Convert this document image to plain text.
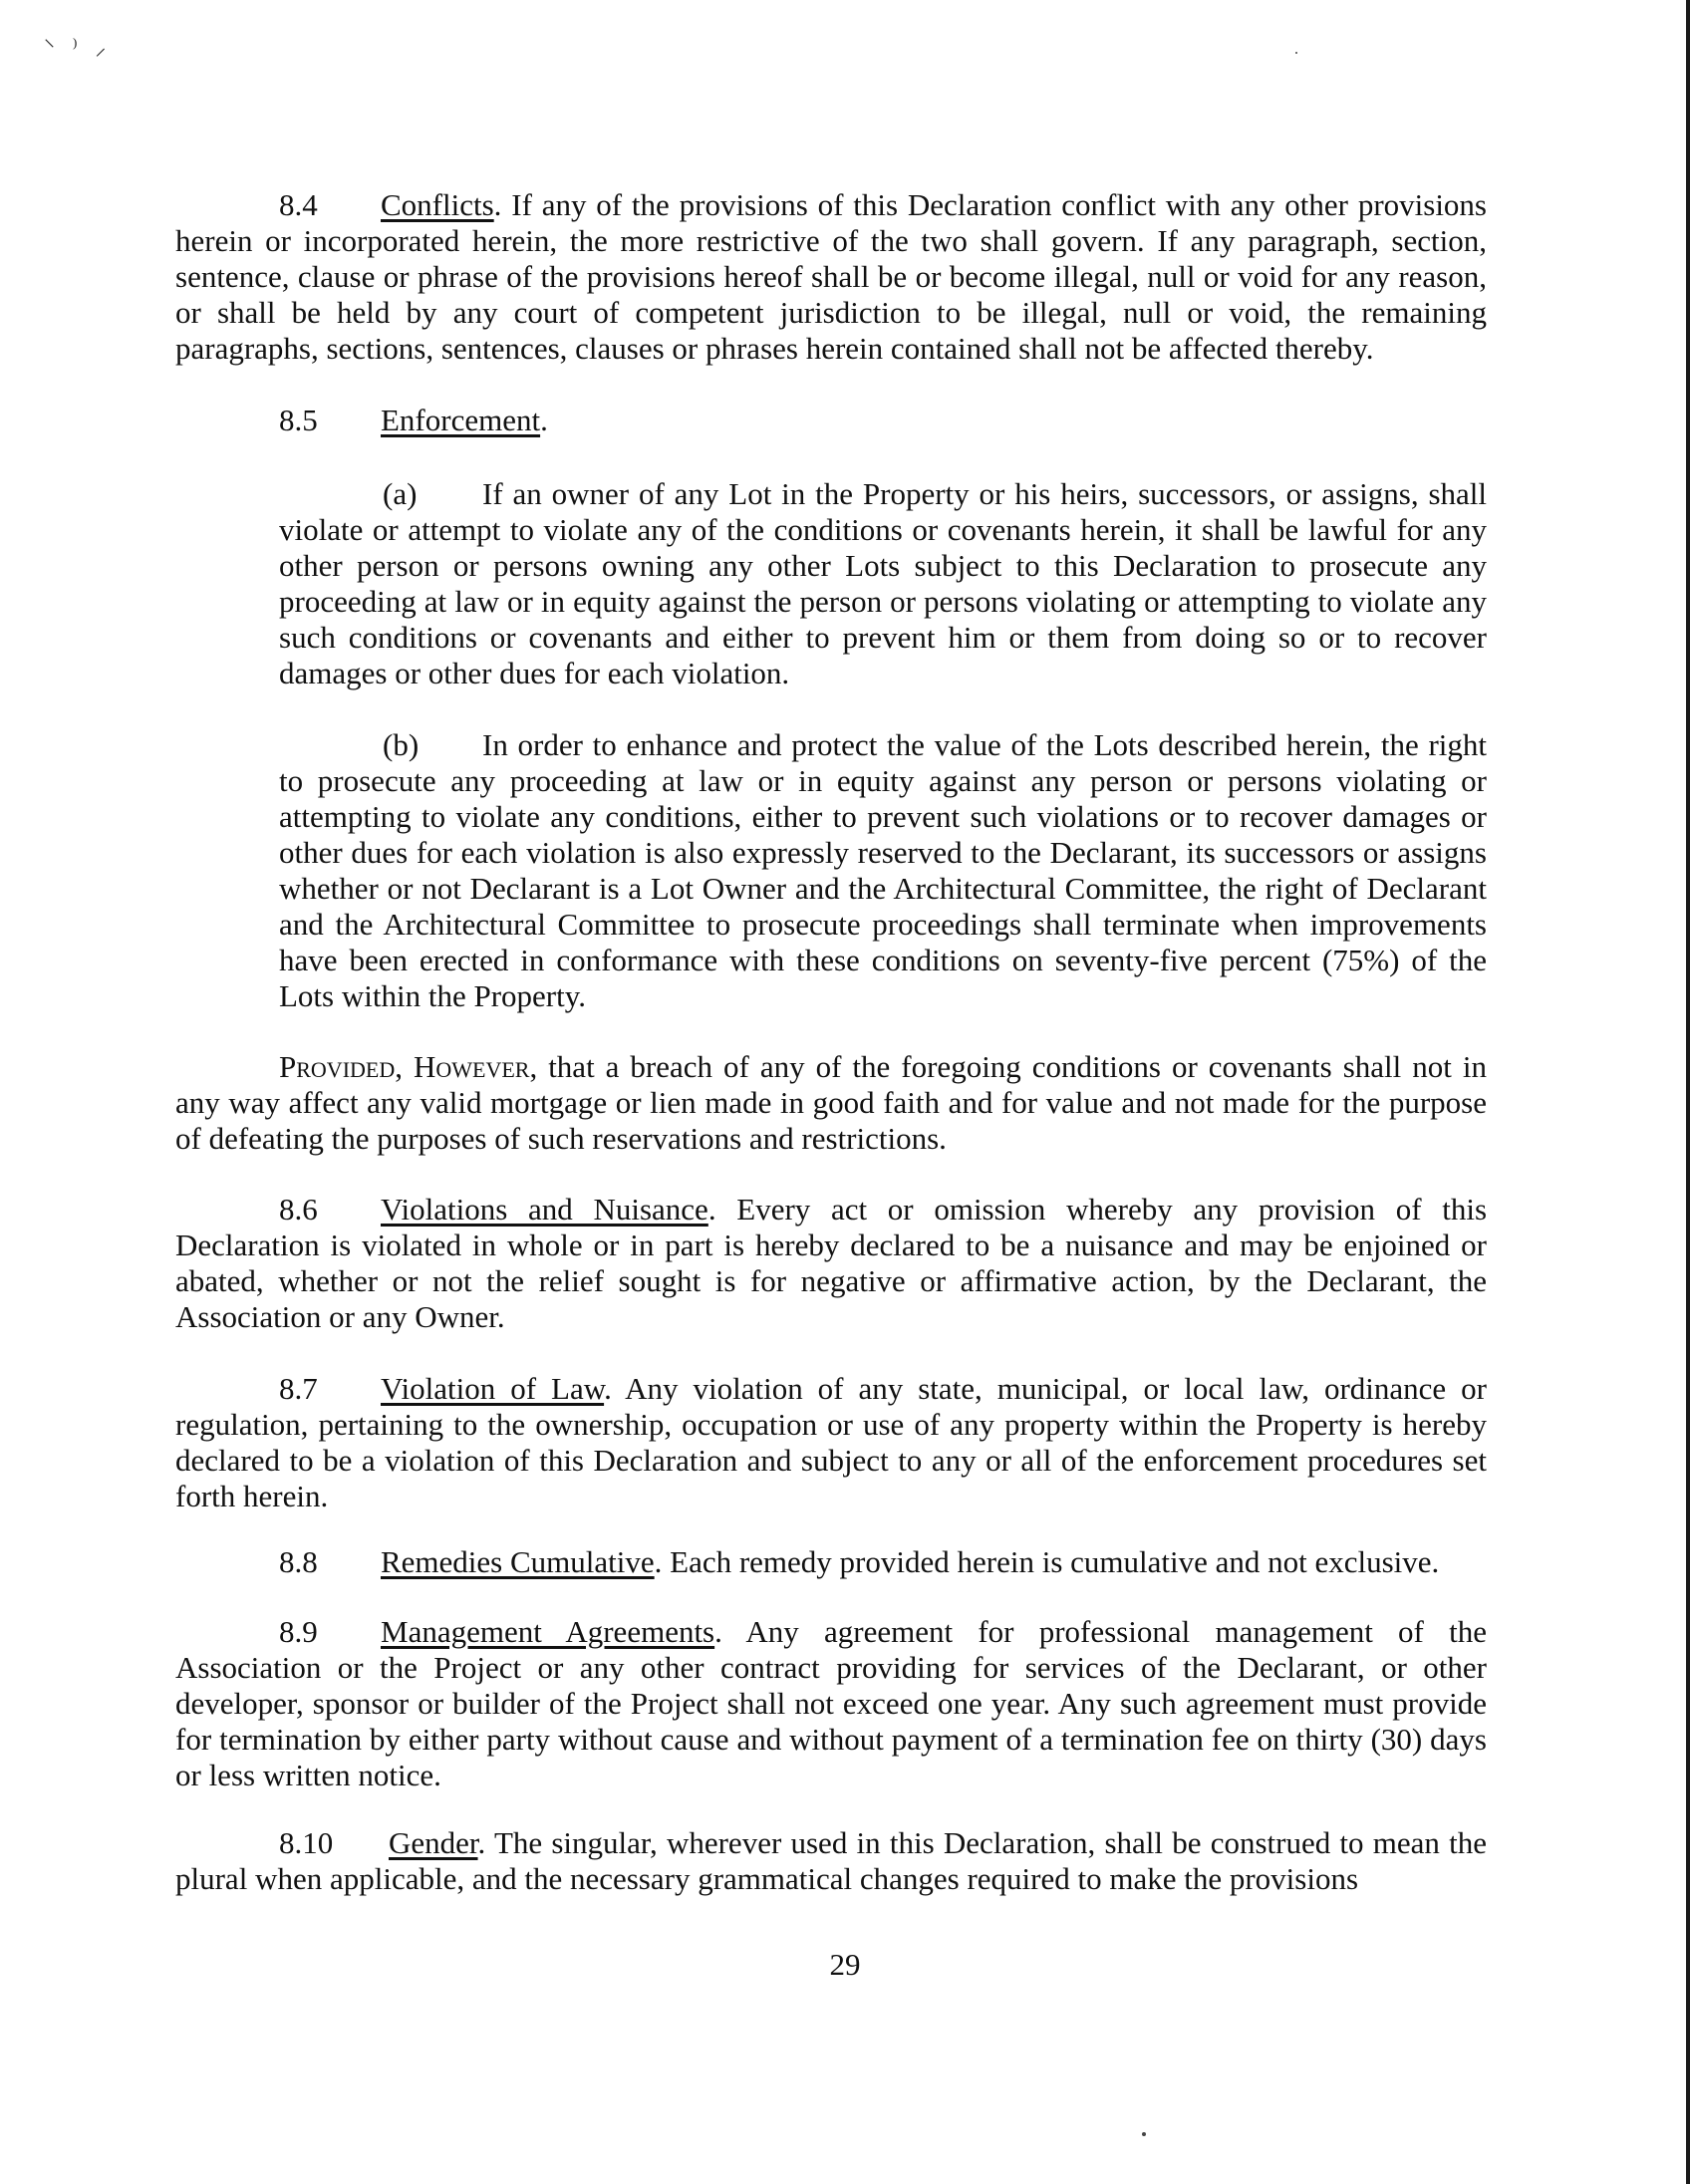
⸌ ⁾ ⸝

8.4 Conflicts. If any of the provisions of this Declaration conflict with any other provisions herein or incorporated herein, the more restrictive of the two shall govern. If any paragraph, section, sentence, clause or phrase of the provisions hereof shall be or become illegal, null or void for any reason, or shall be held by any court of competent jurisdiction to be illegal, null or void, the remaining paragraphs, sections, sentences, clauses or phrases herein contained shall not be affected thereby.

8.5 Enforcement.

(a) If an owner of any Lot in the Property or his heirs, successors, or assigns, shall violate or attempt to violate any of the conditions or covenants herein, it shall be lawful for any other person or persons owning any other Lots subject to this Declaration to prosecute any proceeding at law or in equity against the person or persons violating or attempting to violate any such conditions or covenants and either to prevent him or them from doing so or to recover damages or other dues for each violation.

(b) In order to enhance and protect the value of the Lots described herein, the right to prosecute any proceeding at law or in equity against any person or persons violating or attempting to violate any conditions, either to prevent such violations or to recover damages or other dues for each violation is also expressly reserved to the Declarant, its successors or assigns whether or not Declarant is a Lot Owner and the Architectural Committee, the right of Declarant and the Architectural Committee to prosecute proceedings shall terminate when improvements have been erected in conformance with these conditions on seventy-five percent (75%) of the Lots within the Property.

Provided, However, that a breach of any of the foregoing conditions or covenants shall not in any way affect any valid mortgage or lien made in good faith and for value and not made for the purpose of defeating the purposes of such reservations and restrictions.

8.6 Violations and Nuisance. Every act or omission whereby any provision of this Declaration is violated in whole or in part is hereby declared to be a nuisance and may be enjoined or abated, whether or not the relief sought is for negative or affirmative action, by the Declarant, the Association or any Owner.

8.7 Violation of Law. Any violation of any state, municipal, or local law, ordinance or regulation, pertaining to the ownership, occupation or use of any property within the Property is hereby declared to be a violation of this Declaration and subject to any or all of the enforcement procedures set forth herein.

8.8 Remedies Cumulative. Each remedy provided herein is cumulative and not exclusive.

8.9 Management Agreements. Any agreement for professional management of the Association or the Project or any other contract providing for services of the Declarant, or other developer, sponsor or builder of the Project shall not exceed one year. Any such agreement must provide for termination by either party without cause and without payment of a termination fee on thirty (30) days or less written notice.

8.10 Gender. The singular, wherever used in this Declaration, shall be construed to mean the plural when applicable, and the necessary grammatical changes required to make the provisions

29
